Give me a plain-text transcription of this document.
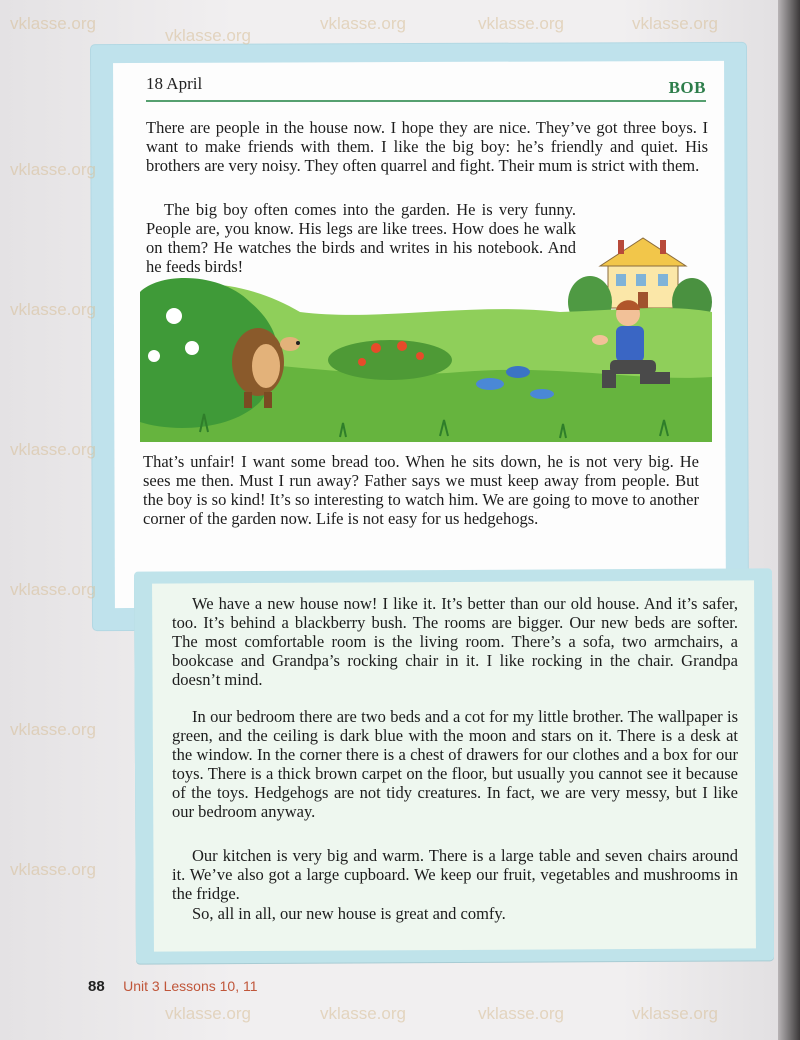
18 April	BOB

There are people in the house now. I hope they are nice. They’ve got three boys. I want to make friends with them. I like the big boy: he’s friendly and quiet. His brothers are very noisy. They often quarrel and fight. Their mum is strict with them.

The big boy often comes into the garden. He is very funny. People are, you know. His legs are like trees. How does he walk on them? He watches the birds and writes in his notebook. And he feeds birds!

That’s unfair! I want some bread too. When he sits down, he is not very big. He sees me then. Must I run away? Father says we must keep away from people. But the boy is so kind! It’s so interesting to watch him. We are going to move to another corner of the garden now. Life is not easy for us hedgehogs.

We have a new house now! I like it. It’s better than our old house. And it’s safer, too. It’s behind a blackberry bush. The rooms are bigger. Our new beds are softer. The most comfortable room is the living room. There’s a sofa, two armchairs, a bookcase and Grandpa’s rocking chair in it. I like rocking in the chair. Grandpa doesn’t mind.

In our bedroom there are two beds and a cot for my little brother. The wallpaper is green, and the ceiling is dark blue with the moon and stars on it. There is a desk at the window. In the corner there is a chest of drawers for our clothes and a box for our toys. There is a thick brown carpet on the floor, but usually you cannot see it because of the toys. Hedgehogs are not tidy creatures. In fact, we are very messy, but I like our bedroom anyway.

Our kitchen is very big and warm. There is a large table and seven chairs around it. We’ve also got a large cupboard. We keep our fruit, vegetables and mushrooms in the fridge.

So, all in all, our new house is great and comfy.

88 Unit 3 Lessons 10, 11
vklasse.org
vklasse.org
vklasse.org	vklasse.org	vklasse.org
vklasse.org
vklasse.org
vklasse.org
vklasse.org
vklasse.org
vklasse.org
vklasse.org	vklasse.org	vklasse.org	vklasse.org
